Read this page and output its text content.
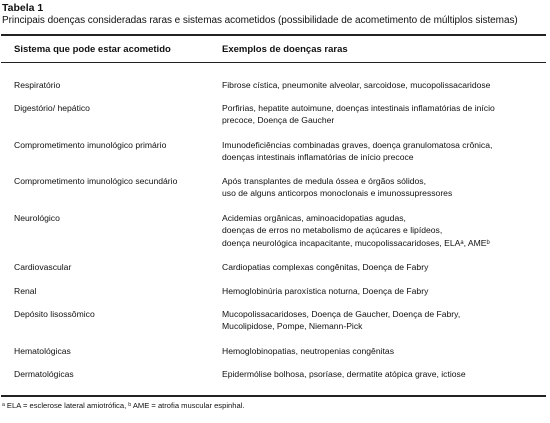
Tabela 1
Principais doenças consideradas raras e sistemas acometidos (possibilidade de acometimento de múltiplos sistemas)
Sistema que pode estar acometido	Exemplos de doenças raras
Respiratório	Fibrose cística, pneumonite alveolar, sarcoidose, mucopolissacaridose
Digestório/ hepático	Porfirias, hepatite autoimune, doenças intestinais inflamatórias de início
precoce, Doença de Gaucher
Comprometimento imunológico primário	Imunodeficiências combinadas graves, doença granulomatosa crônica,
doenças intestinais inflamatórias de início precoce
Comprometimento imunológico secundário	Após transplantes de medula óssea e órgãos sólidos,
uso de alguns anticorpos monoclonais e imunossupressores
Neurológico	Acidemias orgânicas, aminoacidopatias agudas,
doenças de erros no metabolismo de açúcares e lipídeos,
doença neurológica incapacitante, mucopolissacaridoses, ELAᵃ, AMEᵇ
Cardiovascular	Cardiopatias complexas congênitas, Doença de Fabry
Renal	Hemoglobinúria paroxística noturna, Doença de Fabry
Depósito lisossômico	Mucopolissacaridoses, Doença de Gaucher, Doença de Fabry,
Mucolipidose, Pompe, Niemann-Pick
Hematológicas	Hemoglobinopatias, neutropenias congênitas
Dermatológicas	Epidermólise bolhosa, psoríase, dermatite atópica grave, ictiose
ᵃ ELA = esclerose lateral amiotrófica, ᵇ AME = atrofia muscular espinhal.
